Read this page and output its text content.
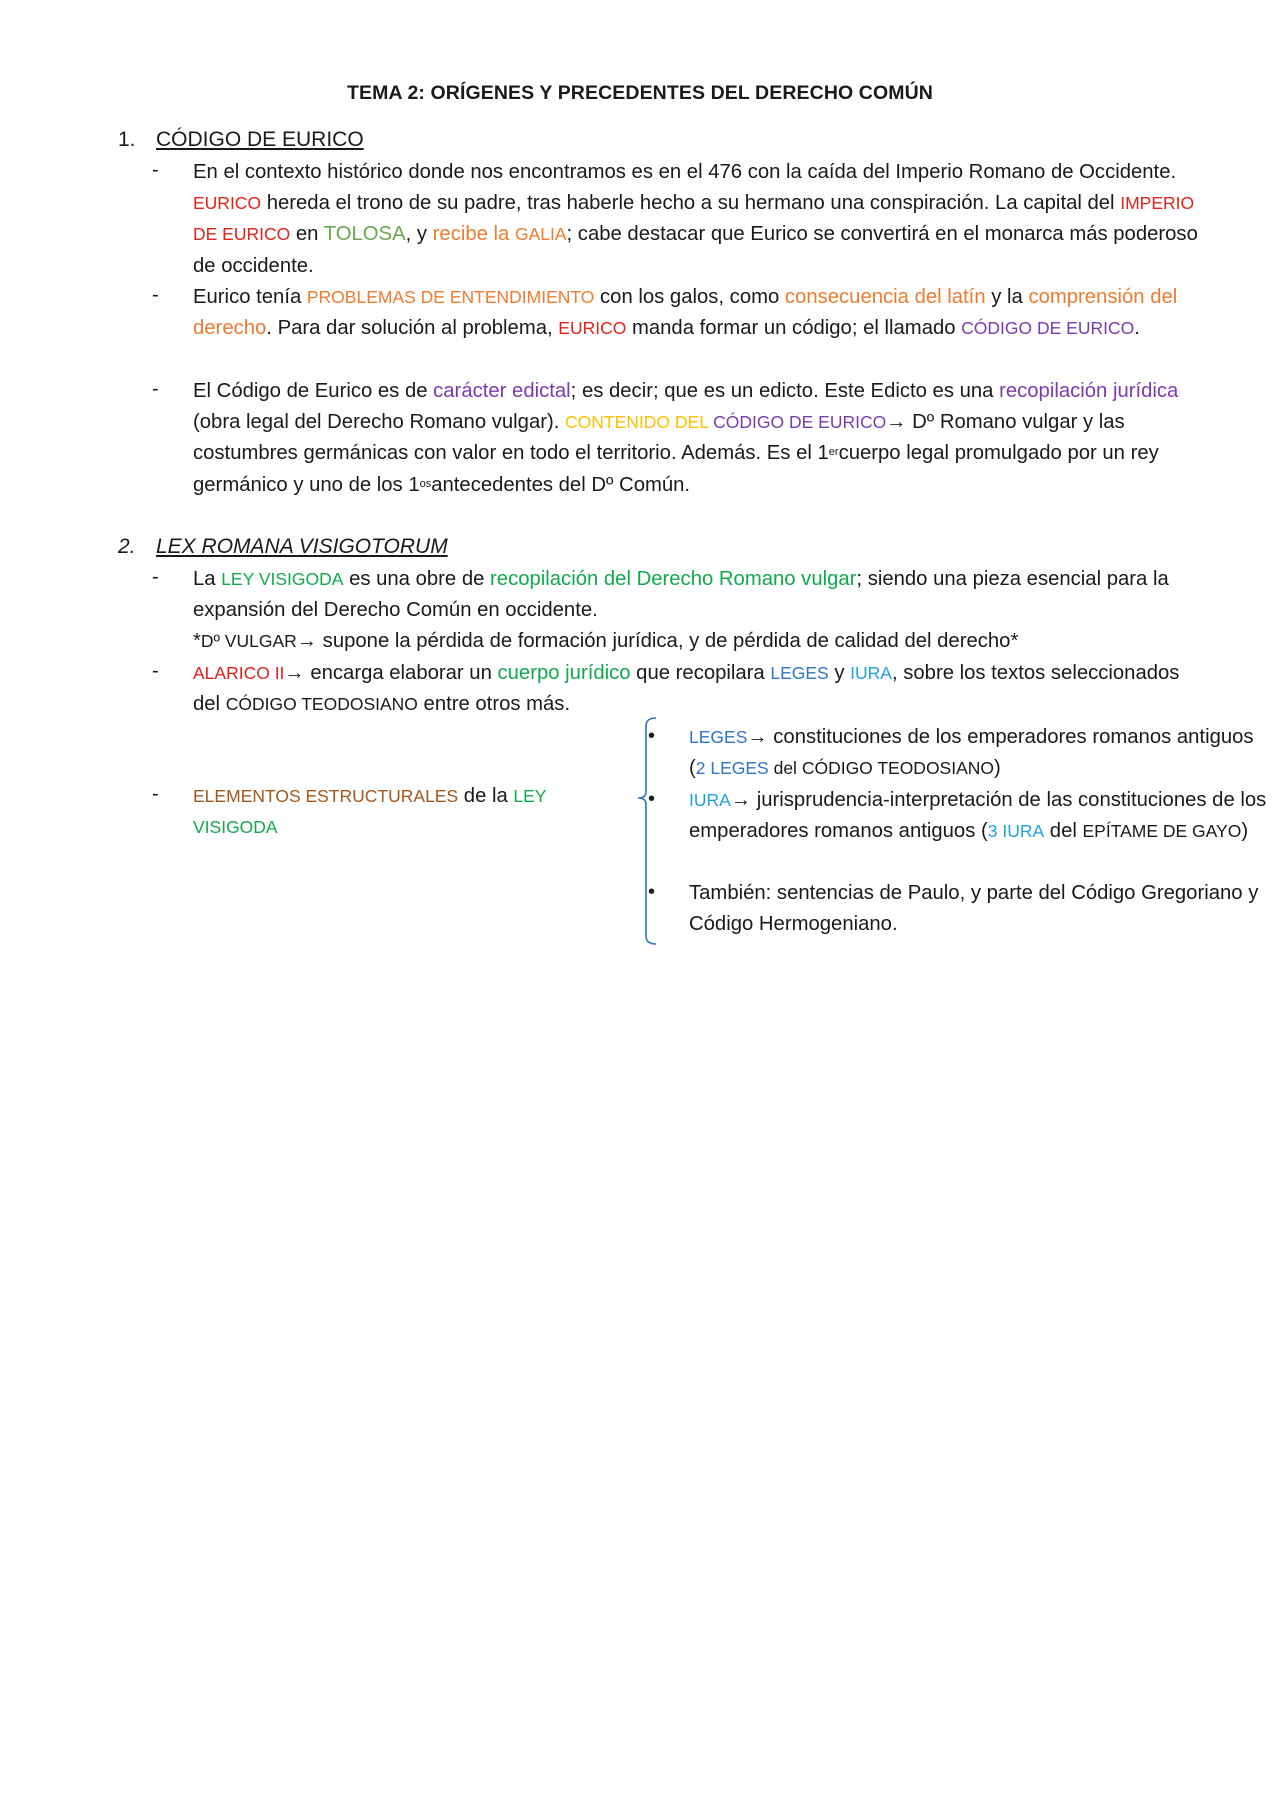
TEMA 2: ORÍGENES Y PRECEDENTES DEL DERECHO COMÚN
1. CÓDIGO DE EURICO
- En el contexto histórico donde nos encontramos es en el 476 con la caída del Imperio Romano de Occidente. EURICO hereda el trono de su padre, tras haberle hecho a su hermano una conspiración. La capital del IMPERIO DE EURICO en TOLOSA, y recibe la GALIA; cabe destacar que Eurico se convertirá en el monarca más poderoso de occidente.
- Eurico tenía PROBLEMAS DE ENTENDIMIENTO con los galos, como consecuencia del latín y la comprensión del derecho. Para dar solución al problema, EURICO manda formar un código; el llamado CÓDIGO DE EURICO.
- El Código de Eurico es de carácter edictal; es decir; que es un edicto. Este Edicto es una recopilación jurídica (obra legal del Derecho Romano vulgar). CONTENIDO DEL CÓDIGO DE EURICO→ Dº Romano vulgar y las costumbres germánicas con valor en todo el territorio. Además. Es el 1ercuerpo legal promulgado por un rey germánico y uno de los $1^{os}antecedentes$ del Dº Común.
2. LEX ROMANA VISIGOTORUM
- La LEY VISIGODA es una obre de recopilación del Derecho Romano vulgar; siendo una pieza esencial para la expansión del Derecho Común en occidente.
*Dº VULGAR→ supone la pérdida de formación jurídica, y de pérdida de calidad del derecho*
- ALARICO II→ encarga elaborar un cuerpo jurídico que recopilara LEGES y IURA, sobre los textos seleccionados del CÓDIGO TEODOSIANO entre otros más.
- ELEMENTOS ESTRUCTURALES de la LEY VISIGODA
• LEGES→ constituciones de los emperadores romanos antiguos (2 LEGES del CÓDIGO TEODOSIANO)
• IURA→ jurisprudencia-interpretación de las constituciones de los emperadores romanos antiguos (3 IURA del EPÍTAME DE GAYO)
• También: sentencias de Paulo, y parte del Código Gregoriano y Código Hermogeniano.
